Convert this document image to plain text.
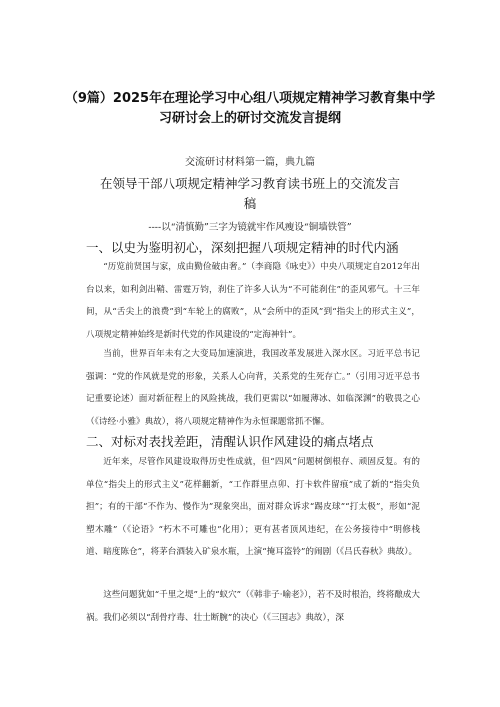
（9篇）2025年在理论学习中心组八项规定精神学习教育集中学习研讨会上的研讨交流发言提纲
交流研讨材料第一篇，典九篇
在领导干部八项规定精神学习教育读书班上的交流发言稿
----以“清慎勤”三字为镜就牢作风瘦设“铜墙铁管”
一、以史为鉴明初心，深刻把握八项规定精神的时代内涵

“历览前贤国与家，成由勤俭破由奢。”（李商隐《咏史》）中央八项规定自2012年出台以来，如利剑出鞘、雷霆万钧，刹住了许多人认为“不可能刹住”的歪风邪气。十三年间，从“舌尖上的浪费”到“车轮上的腐败”，从“会所中的歪风”到“指尖上的形式主义”，八项规定精神始终是新时代党的作风建设的“定海神针”。

当前，世界百年未有之大变局加速演进，我国改革发展进入深水区。习近平总书记强调：“党的作风就是党的形象，关系人心向背，关系党的生死存亡。”（引用习近平总书记重要论述）面对新征程上的风险挑战，我们更需以“如履薄冰、如临深渊”的敬畏之心（《诗经·小雅》典故），将八项规定精神作为永恒课题常抓不懈。

二、对标对表找差距，清醒认识作风建设的痛点堵点

近年来，尽管作风建设取得历史性成就，但“四风”问题树倒根存、顽固反复。有的单位“指尖上的形式主义”花样翻新，“工作群里点卯、打卡软件留痕”成了新的“指尖负担”；有的干部“不作为、慢作为”现象突出，面对群众诉求“踢皮球”“打太极”，形如“泥塑木雕”（《论语》“朽木不可雕也”化用）；更有甚者顶风违纪，在公务接待中“明修栈道、暗度陈仓”，将茅台酒装入矿泉水瓶，上演“掩耳盗铃”的闹剧（《吕氏春秋》典故）。

这些问题犹如“千里之堤”上的“蚁穴”（《韩非子·喻老》），若不及时根治，终将酿成大祸。我们必须以“刮骨疗毒、壮士断腕”的决心（《三国志》典故），深
